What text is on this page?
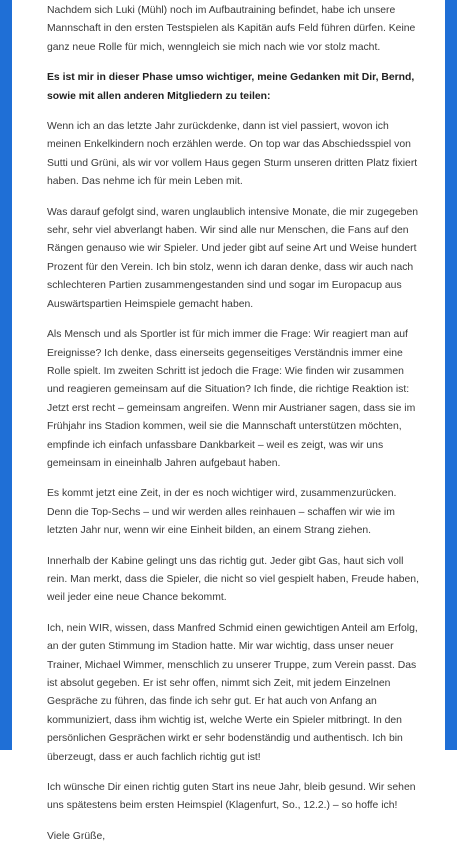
Nachdem sich Luki (Mühl) noch im Aufbautraining befindet, habe ich unsere Mannschaft in den ersten Testspielen als Kapitän aufs Feld führen dürfen. Keine ganz neue Rolle für mich, wenngleich sie mich nach wie vor stolz macht.

Es ist mir in dieser Phase umso wichtiger, meine Gedanken mit Dir, Bernd, sowie mit allen anderen Mitgliedern zu teilen:

Wenn ich an das letzte Jahr zurückdenke, dann ist viel passiert, wovon ich meinen Enkelkindern noch erzählen werde. On top war das Abschiedsspiel von Sutti und Grüni, als wir vor vollem Haus gegen Sturm unseren dritten Platz fixiert haben. Das nehme ich für mein Leben mit.

Was darauf gefolgt sind, waren unglaublich intensive Monate, die mir zugegeben sehr, sehr viel abverlangt haben. Wir sind alle nur Menschen, die Fans auf den Rängen genauso wie wir Spieler. Und jeder gibt auf seine Art und Weise hundert Prozent für den Verein. Ich bin stolz, wenn ich daran denke, dass wir auch nach schlechteren Partien zusammengestanden sind und sogar im Europacup aus Auswärtspartien Heimspiele gemacht haben.

Als Mensch und als Sportler ist für mich immer die Frage: Wir reagiert man auf Ereignisse? Ich denke, dass einerseits gegenseitiges Verständnis immer eine Rolle spielt. Im zweiten Schritt ist jedoch die Frage: Wie finden wir zusammen und reagieren gemeinsam auf die Situation? Ich finde, die richtige Reaktion ist: Jetzt erst recht – gemeinsam angreifen. Wenn mir Austrianer sagen, dass sie im Frühjahr ins Stadion kommen, weil sie die Mannschaft unterstützen möchten, empfinde ich einfach unfassbare Dankbarkeit – weil es zeigt, was wir uns gemeinsam in eineinhalb Jahren aufgebaut haben.

Es kommt jetzt eine Zeit, in der es noch wichtiger wird, zusammenzurücken. Denn die Top-Sechs – und wir werden alles reinhauen – schaffen wir wie im letzten Jahr nur, wenn wir eine Einheit bilden, an einem Strang ziehen.

Innerhalb der Kabine gelingt uns das richtig gut. Jeder gibt Gas, haut sich voll rein. Man merkt, dass die Spieler, die nicht so viel gespielt haben, Freude haben, weil jeder eine neue Chance bekommt.

Ich, nein WIR, wissen, dass Manfred Schmid einen gewichtigen Anteil am Erfolg, an der guten Stimmung im Stadion hatte. Mir war wichtig, dass unser neuer Trainer, Michael Wimmer, menschlich zu unserer Truppe, zum Verein passt. Das ist absolut gegeben. Er ist sehr offen, nimmt sich Zeit, mit jedem Einzelnen Gespräche zu führen, das finde ich sehr gut. Er hat auch von Anfang an kommuniziert, dass ihm wichtig ist, welche Werte ein Spieler mitbringt. In den persönlichen Gesprächen wirkt er sehr bodenständig und authentisch. Ich bin überzeugt, dass er auch fachlich richtig gut ist!

Ich wünsche Dir einen richtig guten Start ins neue Jahr, bleib gesund. Wir sehen uns spätestens beim ersten Heimspiel (Klagenfurt, So., 12.2.) – so hoffe ich!

Viele Grüße,
